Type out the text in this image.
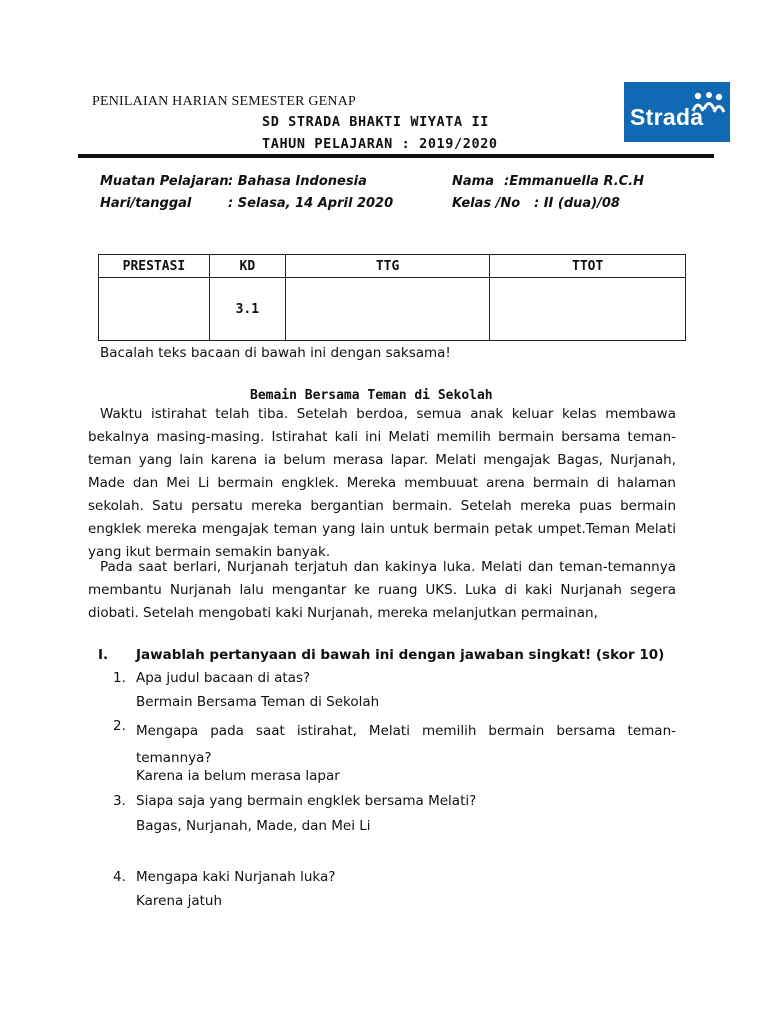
PENILAIAN HARIAN SEMESTER GENAP
SD STRADA BHAKTI WIYATA II
TAHUN PELAJARAN : 2019/2020
Strada
Muatan Pelajaran : Bahasa Indonesia
Hari/tanggal	: Selasa, 14 April 2020
Nama :Emmanuella R.C.H
Kelas /No : II (dua)/08
PRESTASI	KD	TTG	TTOT
	3.1		
Bacalah teks bacaan di bawah ini dengan saksama!
Bemain Bersama Teman di Sekolah
Waktu istirahat telah tiba. Setelah berdoa, semua anak keluar kelas membawa bekalnya masing-masing. Istirahat kali ini Melati memilih bermain bersama teman-teman yang lain karena ia belum merasa lapar. Melati mengajak Bagas, Nurjanah, Made dan Mei Li bermain engklek. Mereka membuuat arena bermain di halaman sekolah. Satu persatu mereka bergantian bermain. Setelah mereka puas bermain engklek mereka mengajak teman yang lain untuk bermain petak umpet.Teman Melati yang ikut bermain semakin banyak.
Pada saat berlari, Nurjanah terjatuh dan kakinya luka. Melati dan teman-temannya membantu Nurjanah lalu mengantar ke ruang UKS. Luka di kaki Nurjanah segera diobati. Setelah mengobati kaki Nurjanah, mereka melanjutkan permainan,
I. Jawablah pertanyaan di bawah ini dengan jawaban singkat! (skor 10)
1. Apa judul bacaan di atas?
Bermain Bersama Teman di Sekolah
2. Mengapa pada saat istirahat, Melati memilih bermain bersama teman-temannya?
Karena ia belum merasa lapar
3. Siapa saja yang bermain engklek bersama Melati?
Bagas, Nurjanah, Made, dan Mei Li
4. Mengapa kaki Nurjanah luka?
Karena jatuh
